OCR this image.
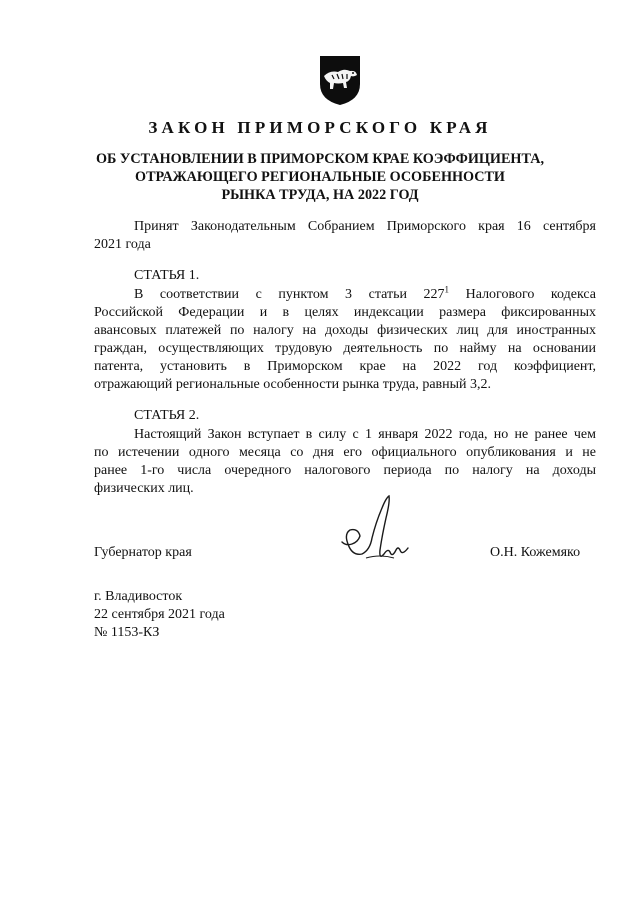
ЗАКОН ПРИМОРСКОГО КРАЯ
ОБ УСТАНОВЛЕНИИ В ПРИМОРСКОМ КРАЕ КОЭФФИЦИЕНТА,
ОТРАЖАЮЩЕГО РЕГИОНАЛЬНЫЕ ОСОБЕННОСТИ
РЫНКА ТРУДА, НА 2022 ГОД
Принят Законодательным Собранием Приморского края 16 сентября
2021 года
СТАТЬЯ 1.
В соответствии с пунктом 3 статьи $227^1$ Налогового кодекса
Российской Федерации и в целях индексации размера фиксированных
авансовых платежей по налогу на доходы физических лиц для иностранных
граждан, осуществляющих трудовую деятельность по найму на основании
патента, установить в Приморском крае на 2022 год коэффициент,
отражающий региональные особенности рынка труда, равный 3,2.
СТАТЬЯ 2.
Настоящий Закон вступает в силу с 1 января 2022 года, но не ранее чем
по истечении одного месяца со дня его официального опубликования и не
ранее 1-го числа очередного налогового периода по налогу на доходы
физических лиц.
Губернатор края	О.Н. Кожемяко
г. Владивосток
22 сентября 2021 года
№ 1153-КЗ
